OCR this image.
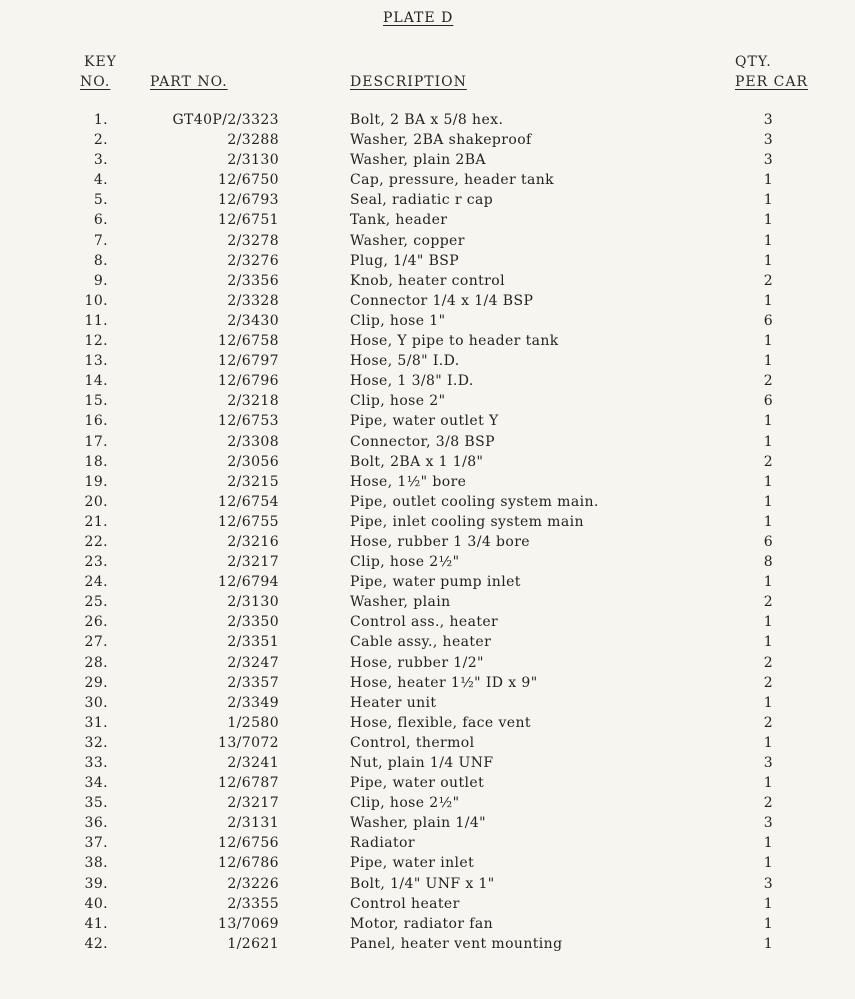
PLATE D
KEY
NO.	PART NO.	DESCRIPTION
QTY.
PER CAR
1.	GT40P/2/3323	Bolt, 2 BA x 5/8 hex.	3
2.	2/3288	Washer, 2BA shakeproof	3
3.	2/3130	Washer, plain 2BA	3
4.	12/6750	Cap, pressure, header tank	1
5.	12/6793	Seal, radiatic r cap	1
6.	12/6751	Tank, header	1
7.	2/3278	Washer, copper	1
8.	2/3276	Plug, 1/4" BSP	1
9.	2/3356	Knob, heater control	2
10.	2/3328	Connector 1/4 x 1/4 BSP	1
11.	2/3430	Clip, hose 1"	6
12.	12/6758	Hose, Y pipe to header tank	1
13.	12/6797	Hose, 5/8" I.D.	1
14.	12/6796	Hose, 1 3/8" I.D.	2
15.	2/3218	Clip, hose 2"	6
16.	12/6753	Pipe, water outlet Y	1
17.	2/3308	Connector, 3/8 BSP	1
18.	2/3056	Bolt, 2BA x 1 1/8"	2
19.	2/3215	Hose, 1½" bore	1
20.	12/6754	Pipe, outlet cooling system main.	1
21.	12/6755	Pipe, inlet cooling system main	1
22.	2/3216	Hose, rubber 1 3/4 bore	6
23.	2/3217	Clip, hose 2½"	8
24.	12/6794	Pipe, water pump inlet	1
25.	2/3130	Washer, plain	2
26.	2/3350	Control ass., heater	1
27.	2/3351	Cable assy., heater	1
28.	2/3247	Hose, rubber 1/2"	2
29.	2/3357	Hose, heater 1½" ID x 9"	2
30.	2/3349	Heater unit	1
31.	1/2580	Hose, flexible, face vent	2
32.	13/7072	Control, thermol	1
33.	2/3241	Nut, plain 1/4 UNF	3
34.	12/6787	Pipe, water outlet	1
35.	2/3217	Clip, hose 2½"	2
36.	2/3131	Washer, plain 1/4"	3
37.	12/6756	Radiator	1
38.	12/6786	Pipe, water inlet	1
39.	2/3226	Bolt, 1/4" UNF x 1"	3
40.	2/3355	Control heater	1
41.	13/7069	Motor, radiator fan	1
42.	1/2621	Panel, heater vent mounting	1
